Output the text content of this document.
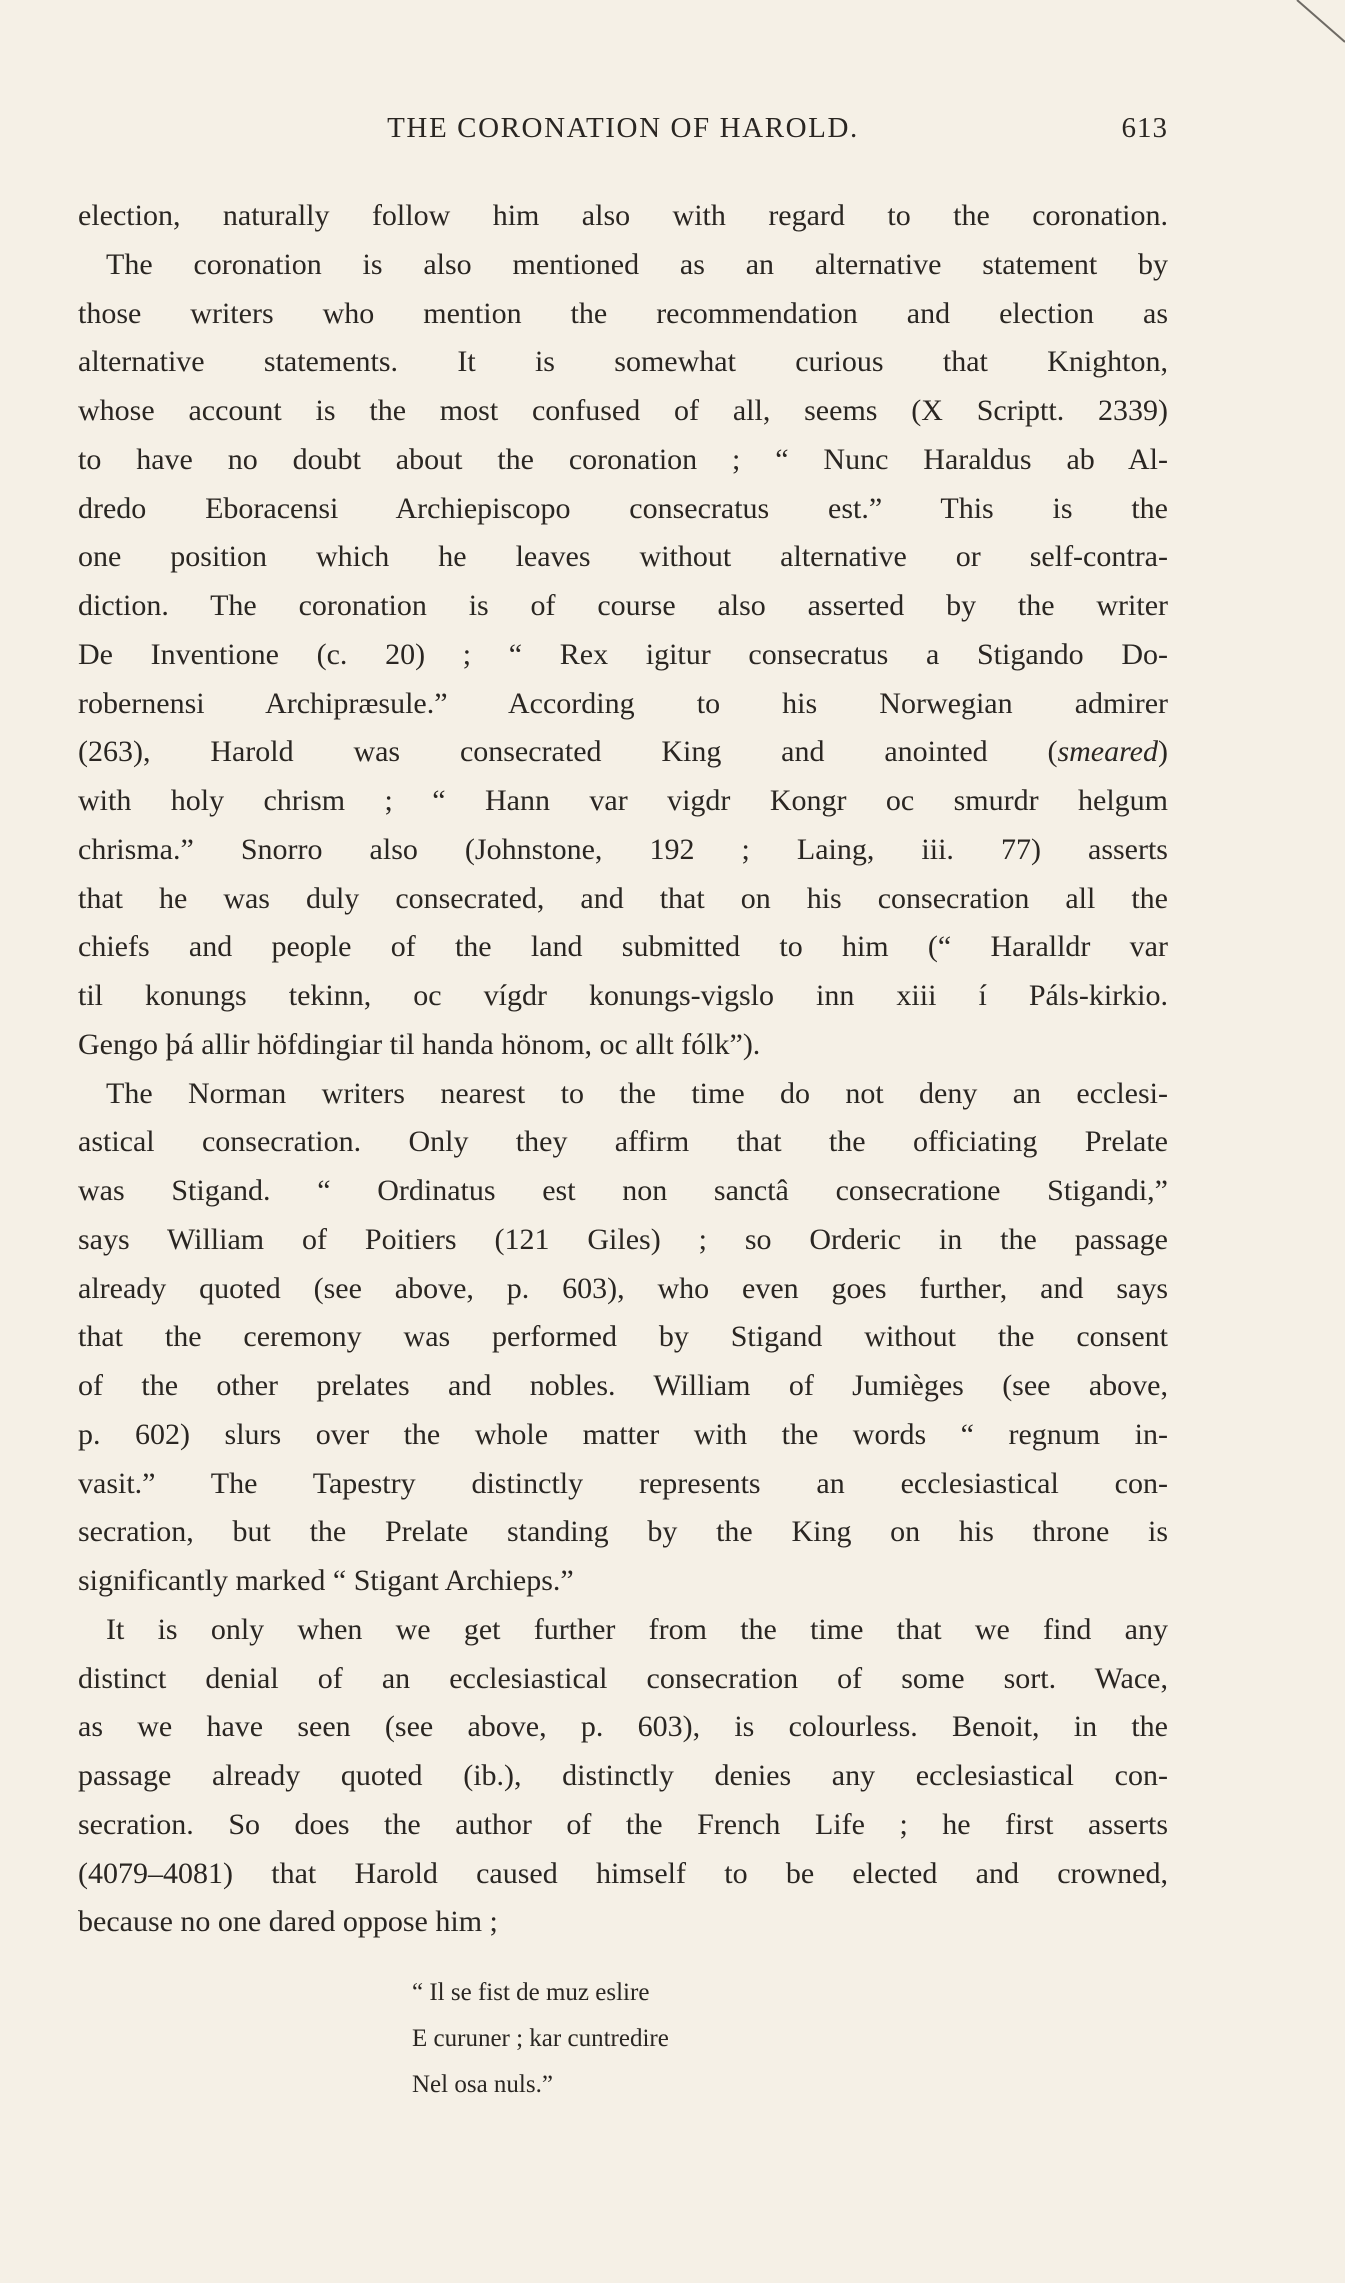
THE CORONATION OF HAROLD.	613
election, naturally follow him also with regard to the coronation.
The coronation is also mentioned as an alternative statement by
those writers who mention the recommendation and election as
alternative statements. It is somewhat curious that Knighton,
whose account is the most confused of all, seems (X Scriptt. 2339)
to have no doubt about the coronation ; “ Nunc Haraldus ab Al-
dredo Eboracensi Archiepiscopo consecratus est.” This is the
one position which he leaves without alternative or self-contra-
diction. The coronation is of course also asserted by the writer
De Inventione (c. 20) ; “ Rex igitur consecratus a Stigando Do-
robernensi Archipræsule.” According to his Norwegian admirer
(263), Harold was consecrated King and anointed (smeared)
with holy chrism ; “ Hann var vigdr Kongr oc smurdr helgum
chrisma.” Snorro also (Johnstone, 192 ; Laing, iii. 77) asserts
that he was duly consecrated, and that on his consecration all the
chiefs and people of the land submitted to him (“ Haralldr var
til konungs tekinn, oc vígdr konungs-vigslo inn xiii í Páls-kirkio.
Gengo þá allir höfdingiar til handa hönom, oc allt fólk”).
The Norman writers nearest to the time do not deny an ecclesi-
astical consecration. Only they affirm that the officiating Prelate
was Stigand. “ Ordinatus est non sanctâ consecratione Stigandi,”
says William of Poitiers (121 Giles) ; so Orderic in the passage
already quoted (see above, p. 603), who even goes further, and says
that the ceremony was performed by Stigand without the consent
of the other prelates and nobles. William of Jumièges (see above,
p. 602) slurs over the whole matter with the words “ regnum in-
vasit.” The Tapestry distinctly represents an ecclesiastical con-
secration, but the Prelate standing by the King on his throne is
significantly marked “ Stigant Archieps.”
It is only when we get further from the time that we find any
distinct denial of an ecclesiastical consecration of some sort. Wace,
as we have seen (see above, p. 603), is colourless. Benoit, in the
passage already quoted (ib.), distinctly denies any ecclesiastical con-
secration. So does the author of the French Life ; he first asserts
(4079–4081) that Harold caused himself to be elected and crowned,
because no one dared oppose him ;
“ Il se fist de muz eslire
E curuner ; kar cuntredire
Nel osa nuls.”
